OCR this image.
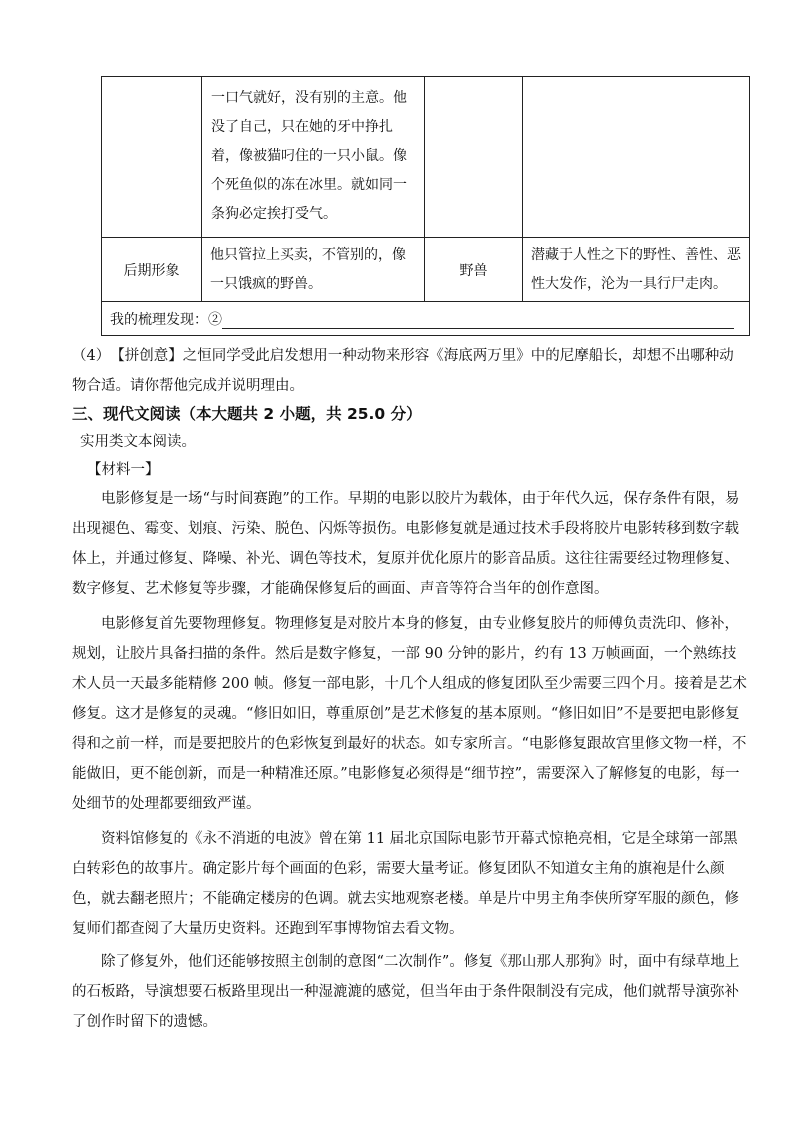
	一口气就好，没有别的主意。他没了自己，只在她的牙中挣扎着，像被猫叼住的一只小鼠。像个死鱼似的冻在冰里。就如同一条狗必定挨打受气。		

后期形象	他只管拉上买卖，不管别的，像一只饿疯的野兽。	野兽	潜藏于人性之下的野性、善性、恶性大发作，沦为一具行尸走肉。

我的梳理发现：②			
（4）　【拼创意】之恒同学受此启发想用一种动物来形容《海底两万里》中的尼摩船长，却想不出哪种动物合适。请你帮他完成并说明理由。
三、现代文阅读（本大题共 2 小题，共 25.0 分）
实用类文本阅读。
【材料一】
电影修复是一场“与时间赛跑”的工作。早期的电影以胶片为载体，由于年代久远，保存条件有限，易出现褪色、霉变、划痕、污染、脱色、闪烁等损伤。电影修复就是通过技术手段将胶片电影转移到数字载体上，并通过修复、降噪、补光、调色等技术，复原并优化原片的影音品质。这往往需要经过物理修复、数字修复、艺术修复等步骤，才能确保修复后的画面、声音等符合当年的创作意图。
电影修复首先要物理修复。物理修复是对胶片本身的修复，由专业修复胶片的师傅负责洗印、修补，规划，让胶片具备扫描的条件。然后是数字修复，一部 90 分钟的影片，约有 13 万帧画面，一个熟练技术人员一天最多能精修 200 帧。修复一部电影，十几个人组成的修复团队至少需要三四个月。接着是艺术修复。这才是修复的灵魂。“修旧如旧，尊重原创”是艺术修复的基本原则。“修旧如旧”不是要把电影修复得和之前一样，而是要把胶片的色彩恢复到最好的状态。如专家所言。“电影修复跟故宫里修文物一样，不能做旧，更不能创新，而是一种精准还原。”电影修复必须得是“细节控”，需要深入了解修复的电影，每一处细节的处理都要细致严谨。
资料馆修复的《永不消逝的电波》曾在第 11 届北京国际电影节开幕式惊艳亮相，它是全球第一部黑白转彩色的故事片。确定影片每个画面的色彩，需要大量考证。修复团队不知道女主角的旗袍是什么颜色，就去翻老照片；不能确定楼房的色调。就去实地观察老楼。单是片中男主角李侠所穿军服的颜色，修复师们都查阅了大量历史资料。还跑到军事博物馆去看文物。
除了修复外，他们还能够按照主创制的意图“二次制作”。修复《那山那人那狗》时，面中有绿草地上的石板路，导演想要石板路里现出一种湿漉漉的感觉，但当年由于条件限制没有完成，他们就帮导演弥补了创作时留下的遗憾。
